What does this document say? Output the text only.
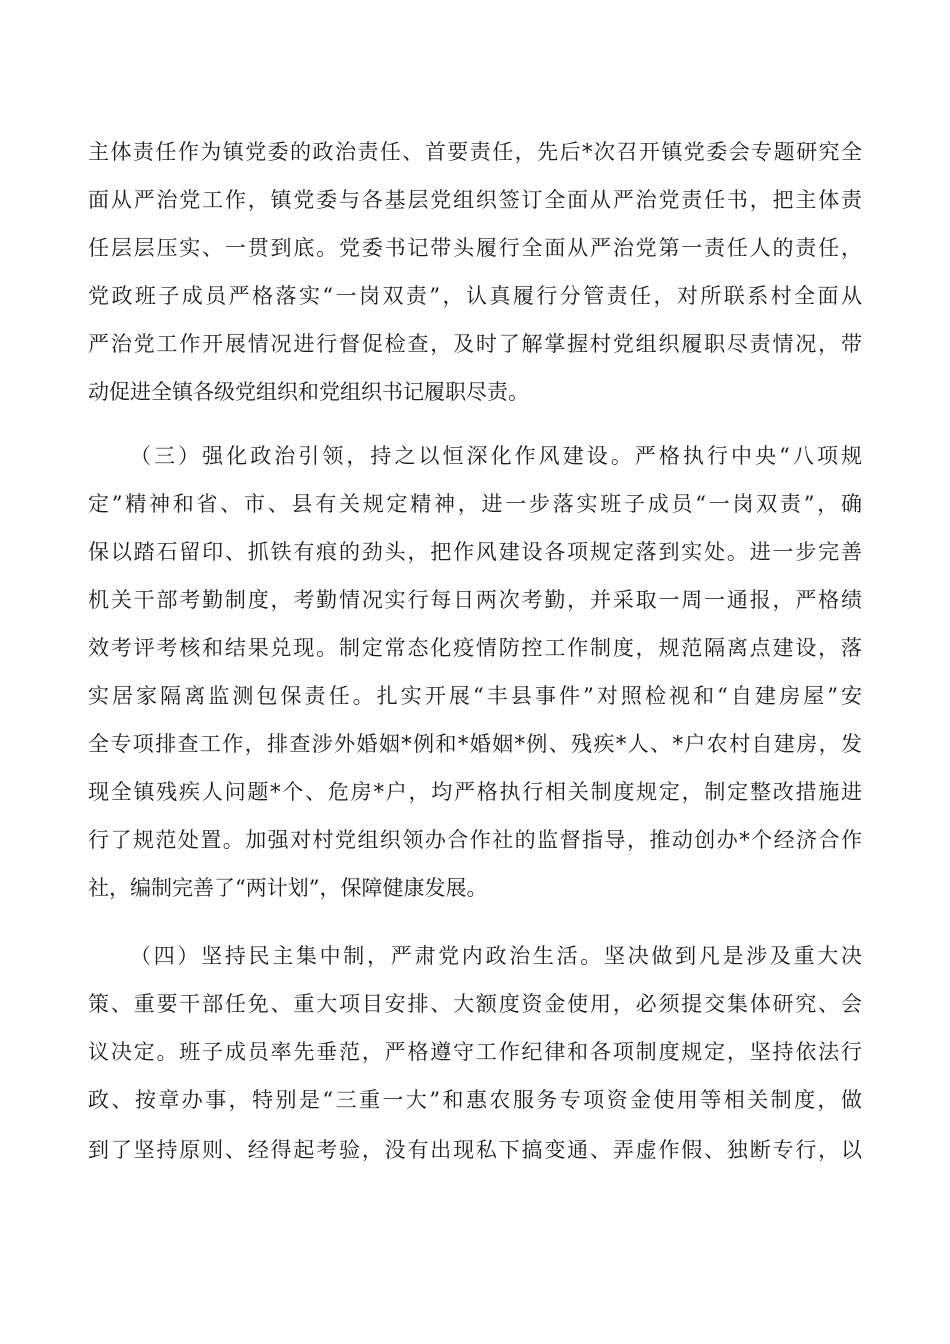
主体责任作为镇党委的政治责任、首要责任，先后*次召开镇党委会专题研究全
面从严治党工作，镇党委与各基层党组织签订全面从严治党责任书，把主体责
任层层压实、一贯到底。党委书记带头履行全面从严治党第一责任人的责任，
党政班子成员严格落实“一岗双责”，认真履行分管责任，对所联系村全面从
严治党工作开展情况进行督促检查，及时了解掌握村党组织履职尽责情况，带
动促进全镇各级党组织和党组织书记履职尽责。
（三）强化政治引领，持之以恒深化作风建设。严格执行中央“八项规
定”精神和省、市、县有关规定精神，进一步落实班子成员“一岗双责”，确
保以踏石留印、抓铁有痕的劲头，把作风建设各项规定落到实处。进一步完善
机关干部考勤制度，考勤情况实行每日两次考勤，并采取一周一通报，严格绩
效考评考核和结果兑现。制定常态化疫情防控工作制度，规范隔离点建设，落
实居家隔离监测包保责任。扎实开展“丰县事件”对照检视和“自建房屋”安
全专项排查工作，排查涉外婚姻*例和*婚姻*例、残疾*人、*户农村自建房，发
现全镇残疾人问题*个、危房*户，均严格执行相关制度规定，制定整改措施进
行了规范处置。加强对村党组织领办合作社的监督指导，推动创办*个经济合作
社，编制完善了“两计划”，保障健康发展。
（四）坚持民主集中制，严肃党内政治生活。坚决做到凡是涉及重大决
策、重要干部任免、重大项目安排、大额度资金使用，必须提交集体研究、会
议决定。班子成员率先垂范，严格遵守工作纪律和各项制度规定，坚持依法行
政、按章办事，特别是“三重一大”和惠农服务专项资金使用等相关制度，做
到了坚持原则、经得起考验，没有出现私下搞变通、弄虚作假、独断专行，以
